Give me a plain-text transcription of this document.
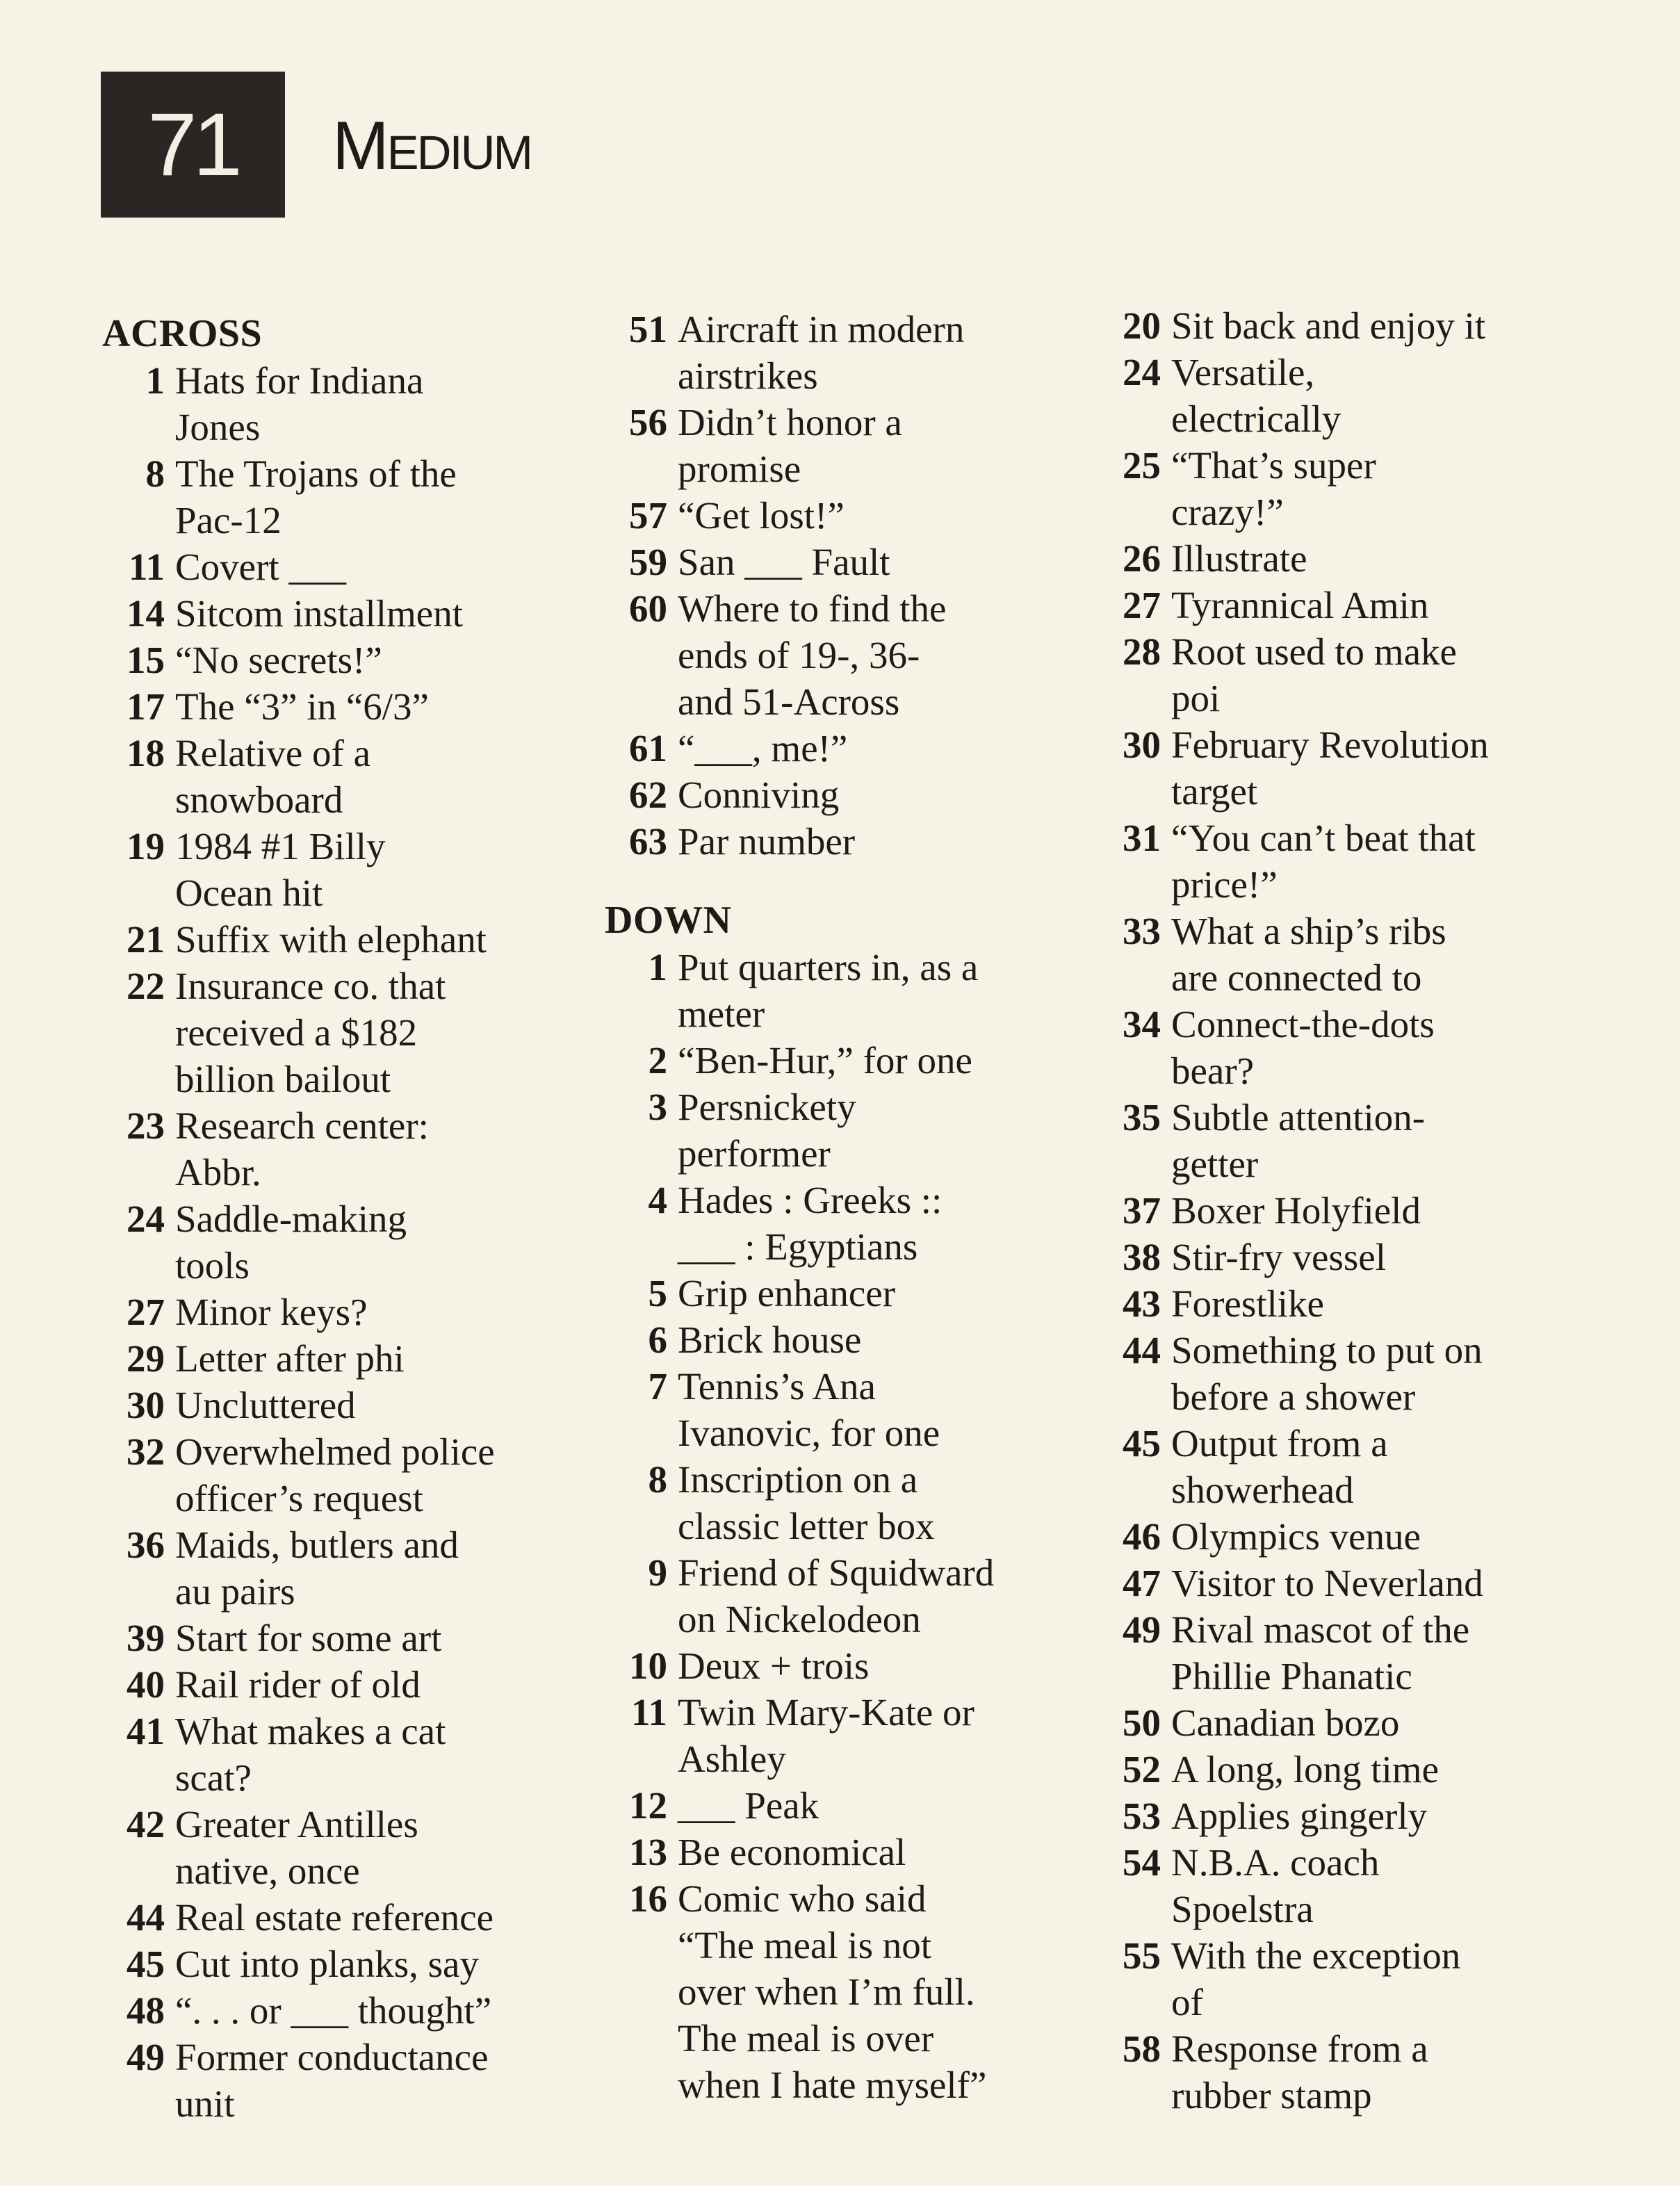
71 Medium
ACROSS
1 Hats for Indiana
Jones
8 The Trojans of the
Pac-12
11 Covert ___
14 Sitcom installment
15 “No secrets!”
17 The “3” in “6/3”
18 Relative of a
snowboard
19 1984 #1 Billy
Ocean hit
21 Suffix with elephant
22 Insurance co. that
received a $182
billion bailout
23 Research center:
Abbr.
24 Saddle-making
tools
27 Minor keys?
29 Letter after phi
30 Uncluttered
32 Overwhelmed police
officer’s request
36 Maids, butlers and
au pairs
39 Start for some art
40 Rail rider of old
41 What makes a cat
scat?
42 Greater Antilles
native, once
44 Real estate reference
45 Cut into planks, say
48 “. . . or ___ thought”
49 Former conductance
unit
51 Aircraft in modern
airstrikes
56 Didn’t honor a
promise
57 “Get lost!”
59 San ___ Fault
60 Where to find the
ends of 19-, 36-
and 51-Across
61 “___, me!”
62 Conniving
63 Par number
DOWN
1 Put quarters in, as a
meter
2 “Ben-Hur,” for one
3 Persnickety
performer
4 Hades : Greeks ::
___ : Egyptians
5 Grip enhancer
6 Brick house
7 Tennis’s Ana
Ivanovic, for one
8 Inscription on a
classic letter box
9 Friend of Squidward
on Nickelodeon
10 Deux + trois
11 Twin Mary-Kate or
Ashley
12 ___ Peak
13 Be economical
16 Comic who said
“The meal is not
over when I’m full.
The meal is over
when I hate myself”
20 Sit back and enjoy it
24 Versatile,
electrically
25 “That’s super
crazy!”
26 Illustrate
27 Tyrannical Amin
28 Root used to make
poi
30 February Revolution
target
31 “You can’t beat that
price!”
33 What a ship’s ribs
are connected to
34 Connect-the-dots
bear?
35 Subtle attention-
getter
37 Boxer Holyfield
38 Stir-fry vessel
43 Forestlike
44 Something to put on
before a shower
45 Output from a
showerhead
46 Olympics venue
47 Visitor to Neverland
49 Rival mascot of the
Phillie Phanatic
50 Canadian bozo
52 A long, long time
53 Applies gingerly
54 N.B.A. coach
Spoelstra
55 With the exception
of
58 Response from a
rubber stamp
